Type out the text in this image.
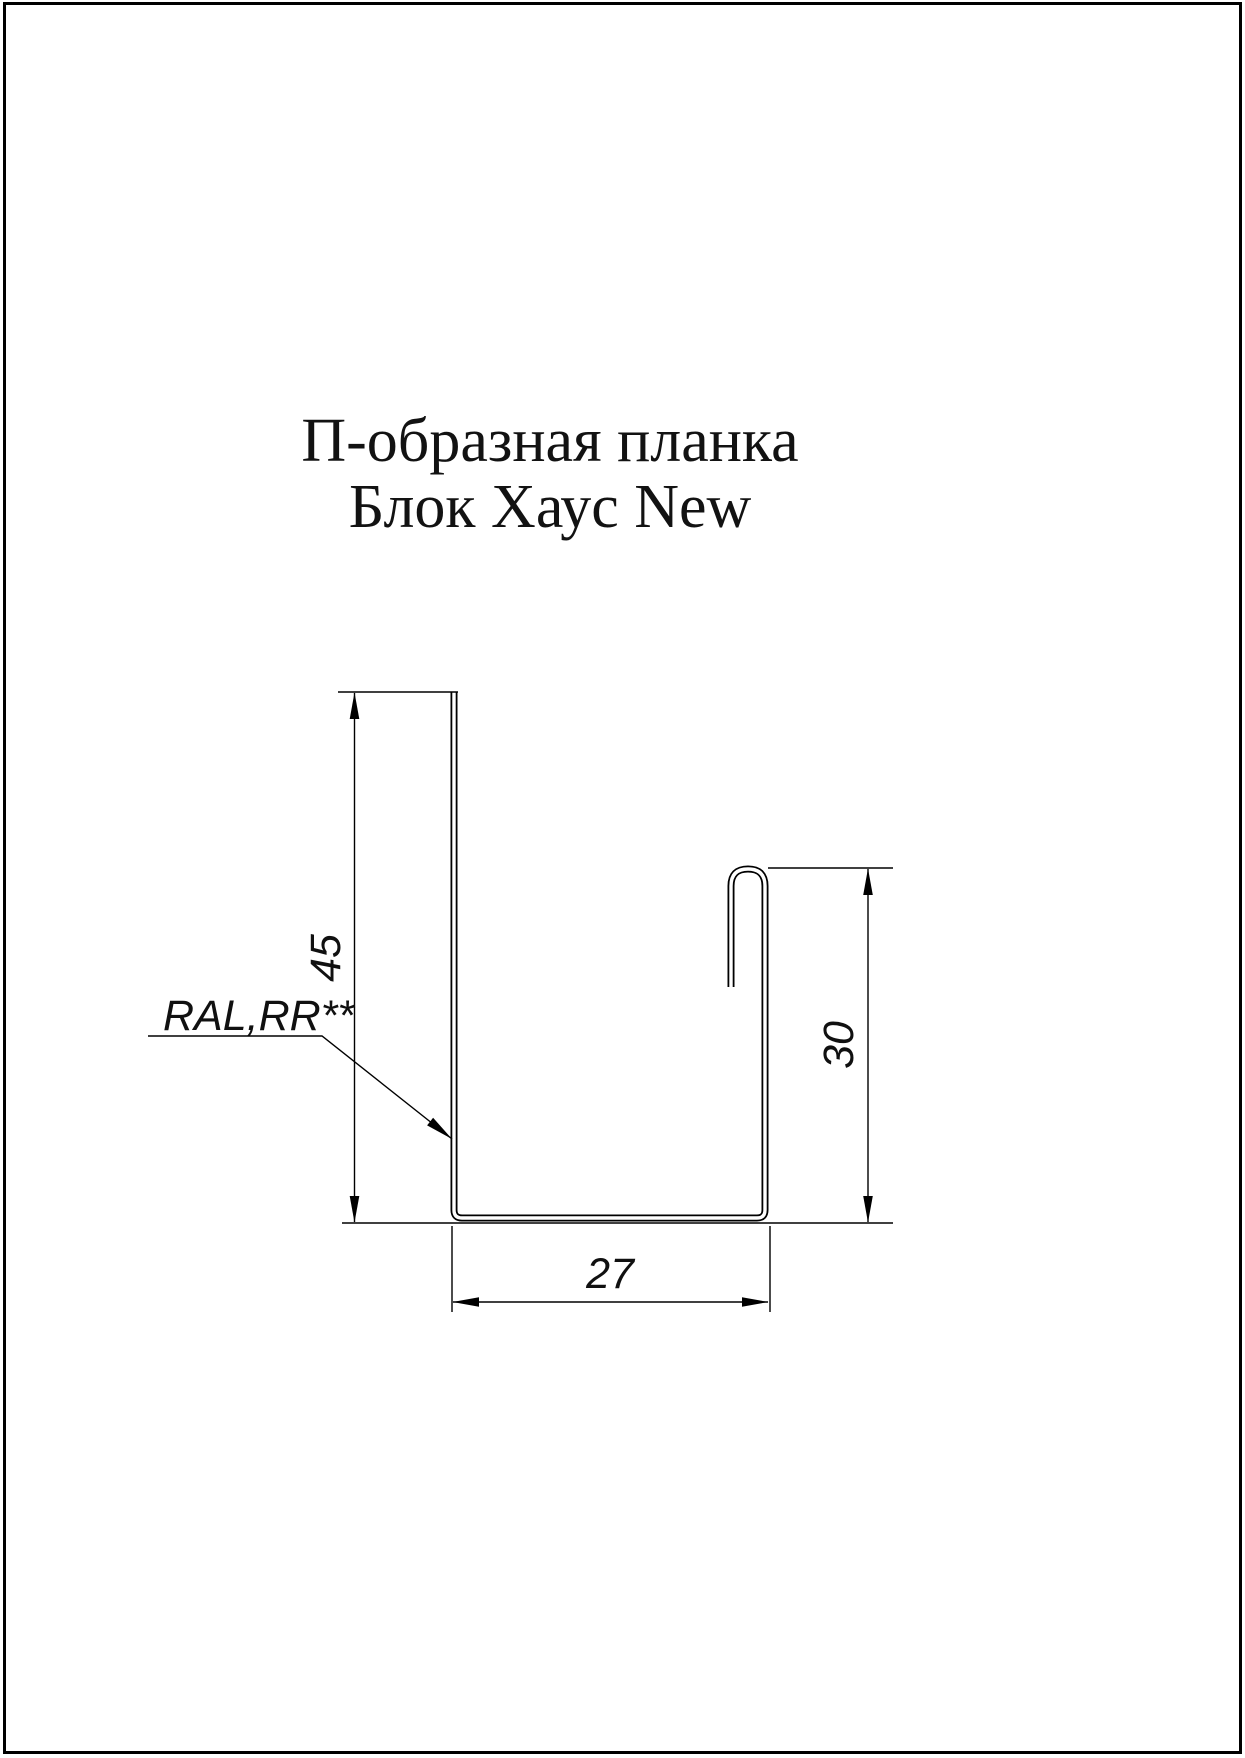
П-образная планка
Блок Хаус New
45
30
27
RAL,RR**
